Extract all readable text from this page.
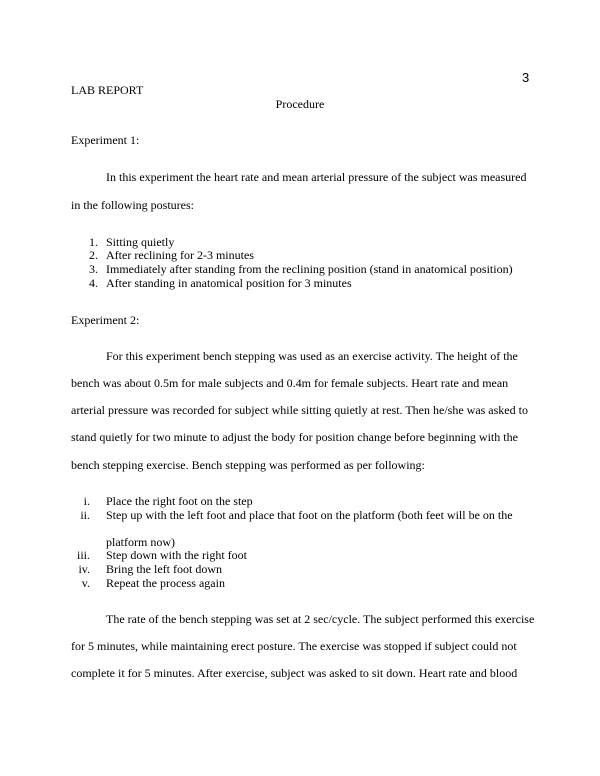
3
LAB REPORT
Procedure
Experiment 1:
In this experiment the heart rate and mean arterial pressure of the subject was measured
in the following postures:
1. Sitting quietly
2. After reclining for 2-3 minutes
3. Immediately after standing from the reclining position (stand in anatomical position)
4. After standing in anatomical position for 3 minutes
Experiment 2:
For this experiment bench stepping was used as an exercise activity. The height of the
bench was about 0.5m for male subjects and 0.4m for female subjects. Heart rate and mean
arterial pressure was recorded for subject while sitting quietly at rest. Then he/she was asked to
stand quietly for two minute to adjust the body for position change before beginning with the
bench stepping exercise. Bench stepping was performed as per following:
i. Place the right foot on the step
ii. Step up with the left foot and place that foot on the platform (both feet will be on the
platform now)
iii. Step down with the right foot
iv. Bring the left foot down
v. Repeat the process again
The rate of the bench stepping was set at 2 sec/cycle. The subject performed this exercise
for 5 minutes, while maintaining erect posture. The exercise was stopped if subject could not
complete it for 5 minutes. After exercise, subject was asked to sit down. Heart rate and blood
